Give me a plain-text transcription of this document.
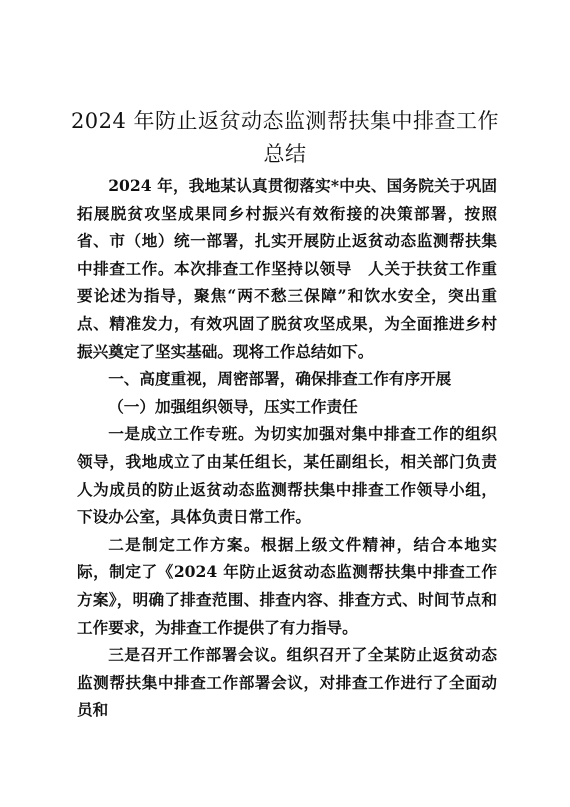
2024 年防止返贫动态监测帮扶集中排查工作
总结

2024 年，我地某认真贯彻落实*中央、国务院关于巩固拓展脱贫攻坚成果同乡村振兴有效衔接的决策部署，按照省、市（地）统一部署，扎实开展防止返贫动态监测帮扶集中排查工作。本次排查工作坚持以领导　人关于扶贫工作重要论述为指导，聚焦“两不愁三保障”和饮水安全，突出重点、精准发力，有效巩固了脱贫攻坚成果，为全面推进乡村振兴奠定了坚实基础。现将工作总结如下。

一、高度重视，周密部署，确保排查工作有序开展

（一）加强组织领导，压实工作责任

一是成立工作专班。为切实加强对集中排查工作的组织领导，我地成立了由某任组长，某任副组长，相关部门负责人为成员的防止返贫动态监测帮扶集中排查工作领导小组，下设办公室，具体负责日常工作。

二是制定工作方案。根据上级文件精神，结合本地实际，制定了《2024 年防止返贫动态监测帮扶集中排查工作方案》，明确了排查范围、排查内容、排查方式、时间节点和工作要求，为排查工作提供了有力指导。

三是召开工作部署会议。组织召开了全某防止返贫动态监测帮扶集中排查工作部署会议，对排查工作进行了全面动员和
